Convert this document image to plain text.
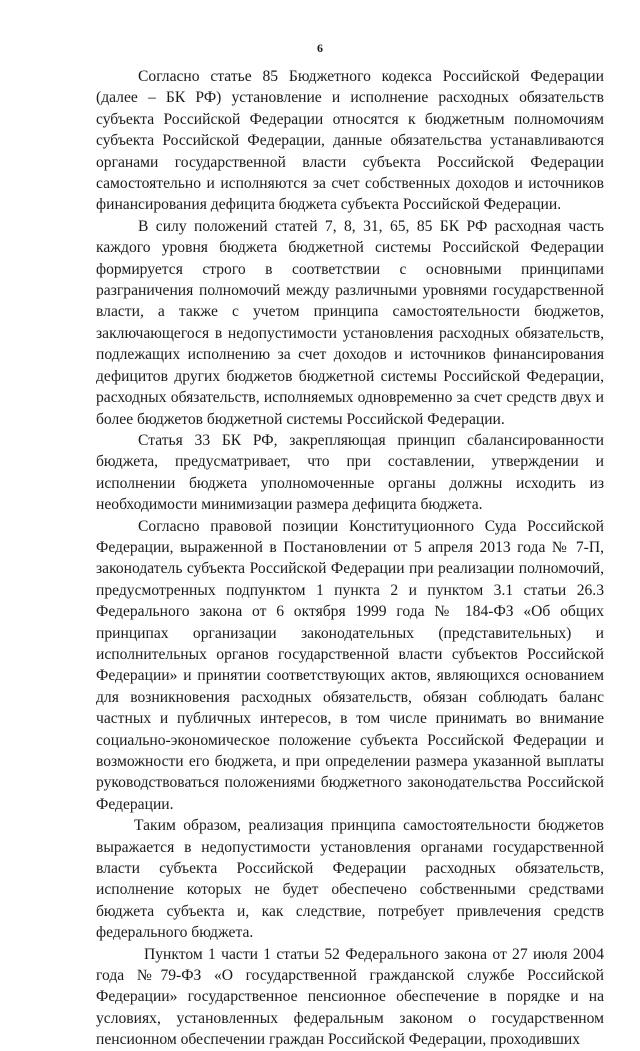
6

Согласно статье 85 Бюджетного кодекса Российской Федерации (далее – БК РФ) установление и исполнение расходных обязательств субъекта Российской Федерации относятся к бюджетным полномочиям субъекта Российской Федерации, данные обязательства устанавливаются органами государственной власти субъекта Российской Федерации самостоятельно и исполняются за счет собственных доходов и источников финансирования дефицита бюджета субъекта Российской Федерации.

В силу положений статей 7, 8, 31, 65, 85 БК РФ расходная часть каждого уровня бюджета бюджетной системы Российской Федерации формируется строго в соответствии с основными принципами разграничения полномочий между различными уровнями государственной власти, а также с учетом принципа самостоятельности бюджетов, заключающегося в недопустимости установления расходных обязательств, подлежащих исполнению за счет доходов и источников финансирования дефицитов других бюджетов бюджетной системы Российской Федерации, расходных обязательств, исполняемых одновременно за счет средств двух и более бюджетов бюджетной системы Российской Федерации.

Статья 33 БК РФ, закрепляющая принцип сбалансированности бюджета, предусматривает, что при составлении, утверждении и исполнении бюджета уполномоченные органы должны исходить из необходимости минимизации размера дефицита бюджета.

Согласно правовой позиции Конституционного Суда Российской Федерации, выраженной в Постановлении от 5 апреля 2013 года № 7-П, законодатель субъекта Российской Федерации при реализации полномочий, предусмотренных подпунктом 1 пункта 2 и пунктом 3.1 статьи 26.3 Федерального закона от 6 октября 1999 года № 184-ФЗ «Об общих принципах организации законодательных (представительных) и исполнительных органов государственной власти субъектов Российской Федерации» и принятии соответствующих актов, являющихся основанием для возникновения расходных обязательств, обязан соблюдать баланс частных и публичных интересов, в том числе принимать во внимание социально-экономическое положение субъекта Российской Федерации и возможности его бюджета, и при определении размера указанной выплаты руководствоваться положениями бюджетного законодательства Российской Федерации.

Таким образом, реализация принципа самостоятельности бюджетов выражается в недопустимости установления органами государственной власти субъекта Российской Федерации расходных обязательств, исполнение которых не будет обеспечено собственными средствами бюджета субъекта и, как следствие, потребует привлечения средств федерального бюджета.

Пунктом 1 части 1 статьи 52 Федерального закона от 27 июля 2004 года №79-ФЗ «О государственной гражданской службе Российской Федерации» государственное пенсионное обеспечение в порядке и на условиях, установленных федеральным законом о государственном пенсионном обеспечении граждан Российской Федерации, проходивших
